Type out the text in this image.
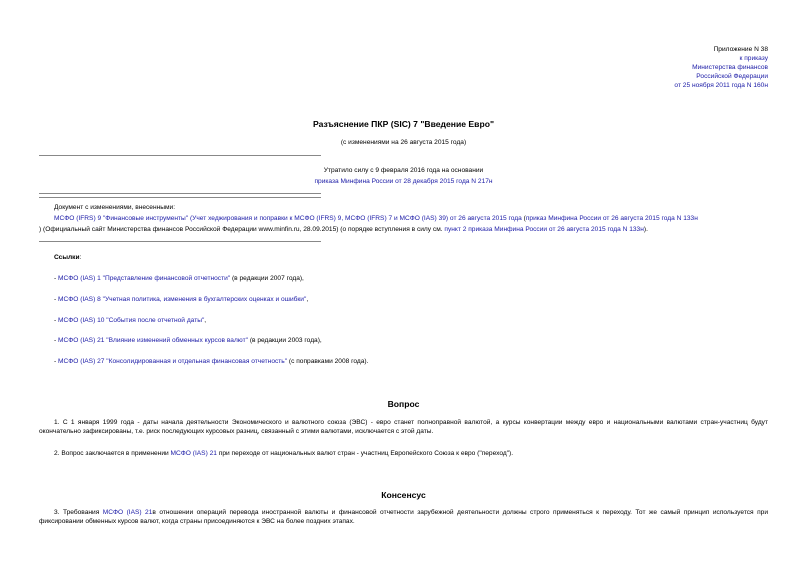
Приложение N 38
к приказу
Министерства финансов
Российской Федерации
от 25 ноября 2011 года N 160н
Разъяснение ПКР (SIC) 7 "Введение Евро"
(с изменениями на 26 августа 2015 года)
Утратило силу с 9 февраля 2016 года на основании
приказа Минфина России от 28 декабря 2015 года N 217н
Документ с изменениями, внесенными:
МСФО (IFRS) 9 "Финансовые инструменты" (Учет хеджирования и поправки к МСФО (IFRS) 9, МСФО (IFRS) 7 и МСФО (IAS) 39) от 26 августа 2015 года (приказ Минфина России от 26 августа 2015 года N 133н
) (Официальный сайт Министерства финансов Российской Федерации www.minfin.ru, 28.09.2015) (о порядке вступления в силу см. пункт 2 приказа Минфина России от 26 августа 2015 года N 133н).
Ссылки:
- МСФО (IAS) 1 "Представление финансовой отчетности" (в редакции 2007 года),
- МСФО (IAS) 8 "Учетная политика, изменения в бухгалтерских оценках и ошибки",
- МСФО (IAS) 10 "События после отчетной даты",
- МСФО (IAS) 21 "Влияние изменений обменных курсов валют" (в редакции 2003 года),
- МСФО (IAS) 27 "Консолидированная и отдельная финансовая отчетность" (с поправками 2008 года).
Вопрос
1. С 1 января 1999 года - даты начала деятельности Экономического и валютного союза (ЭВС) - евро станет полноправной валютой, а курсы конвертации между евро и национальными валютами стран-участниц будут окончательно зафиксированы, т.е. риск последующих курсовых разниц, связанный с этими валютами, исключается с этой даты.
2. Вопрос заключается в применении МСФО (IAS) 21 при переходе от национальных валют стран - участниц Европейского Союза к евро ("переход").
Консенсус
3. Требования МСФО (IAS) 21в отношении операций перевода иностранной валюты и финансовой отчетности зарубежной деятельности должны строго применяться к переходу. Тот же самый принцип используется при фиксировании обменных курсов валют, когда страны присоединяются к ЭВС на более поздних этапах.
